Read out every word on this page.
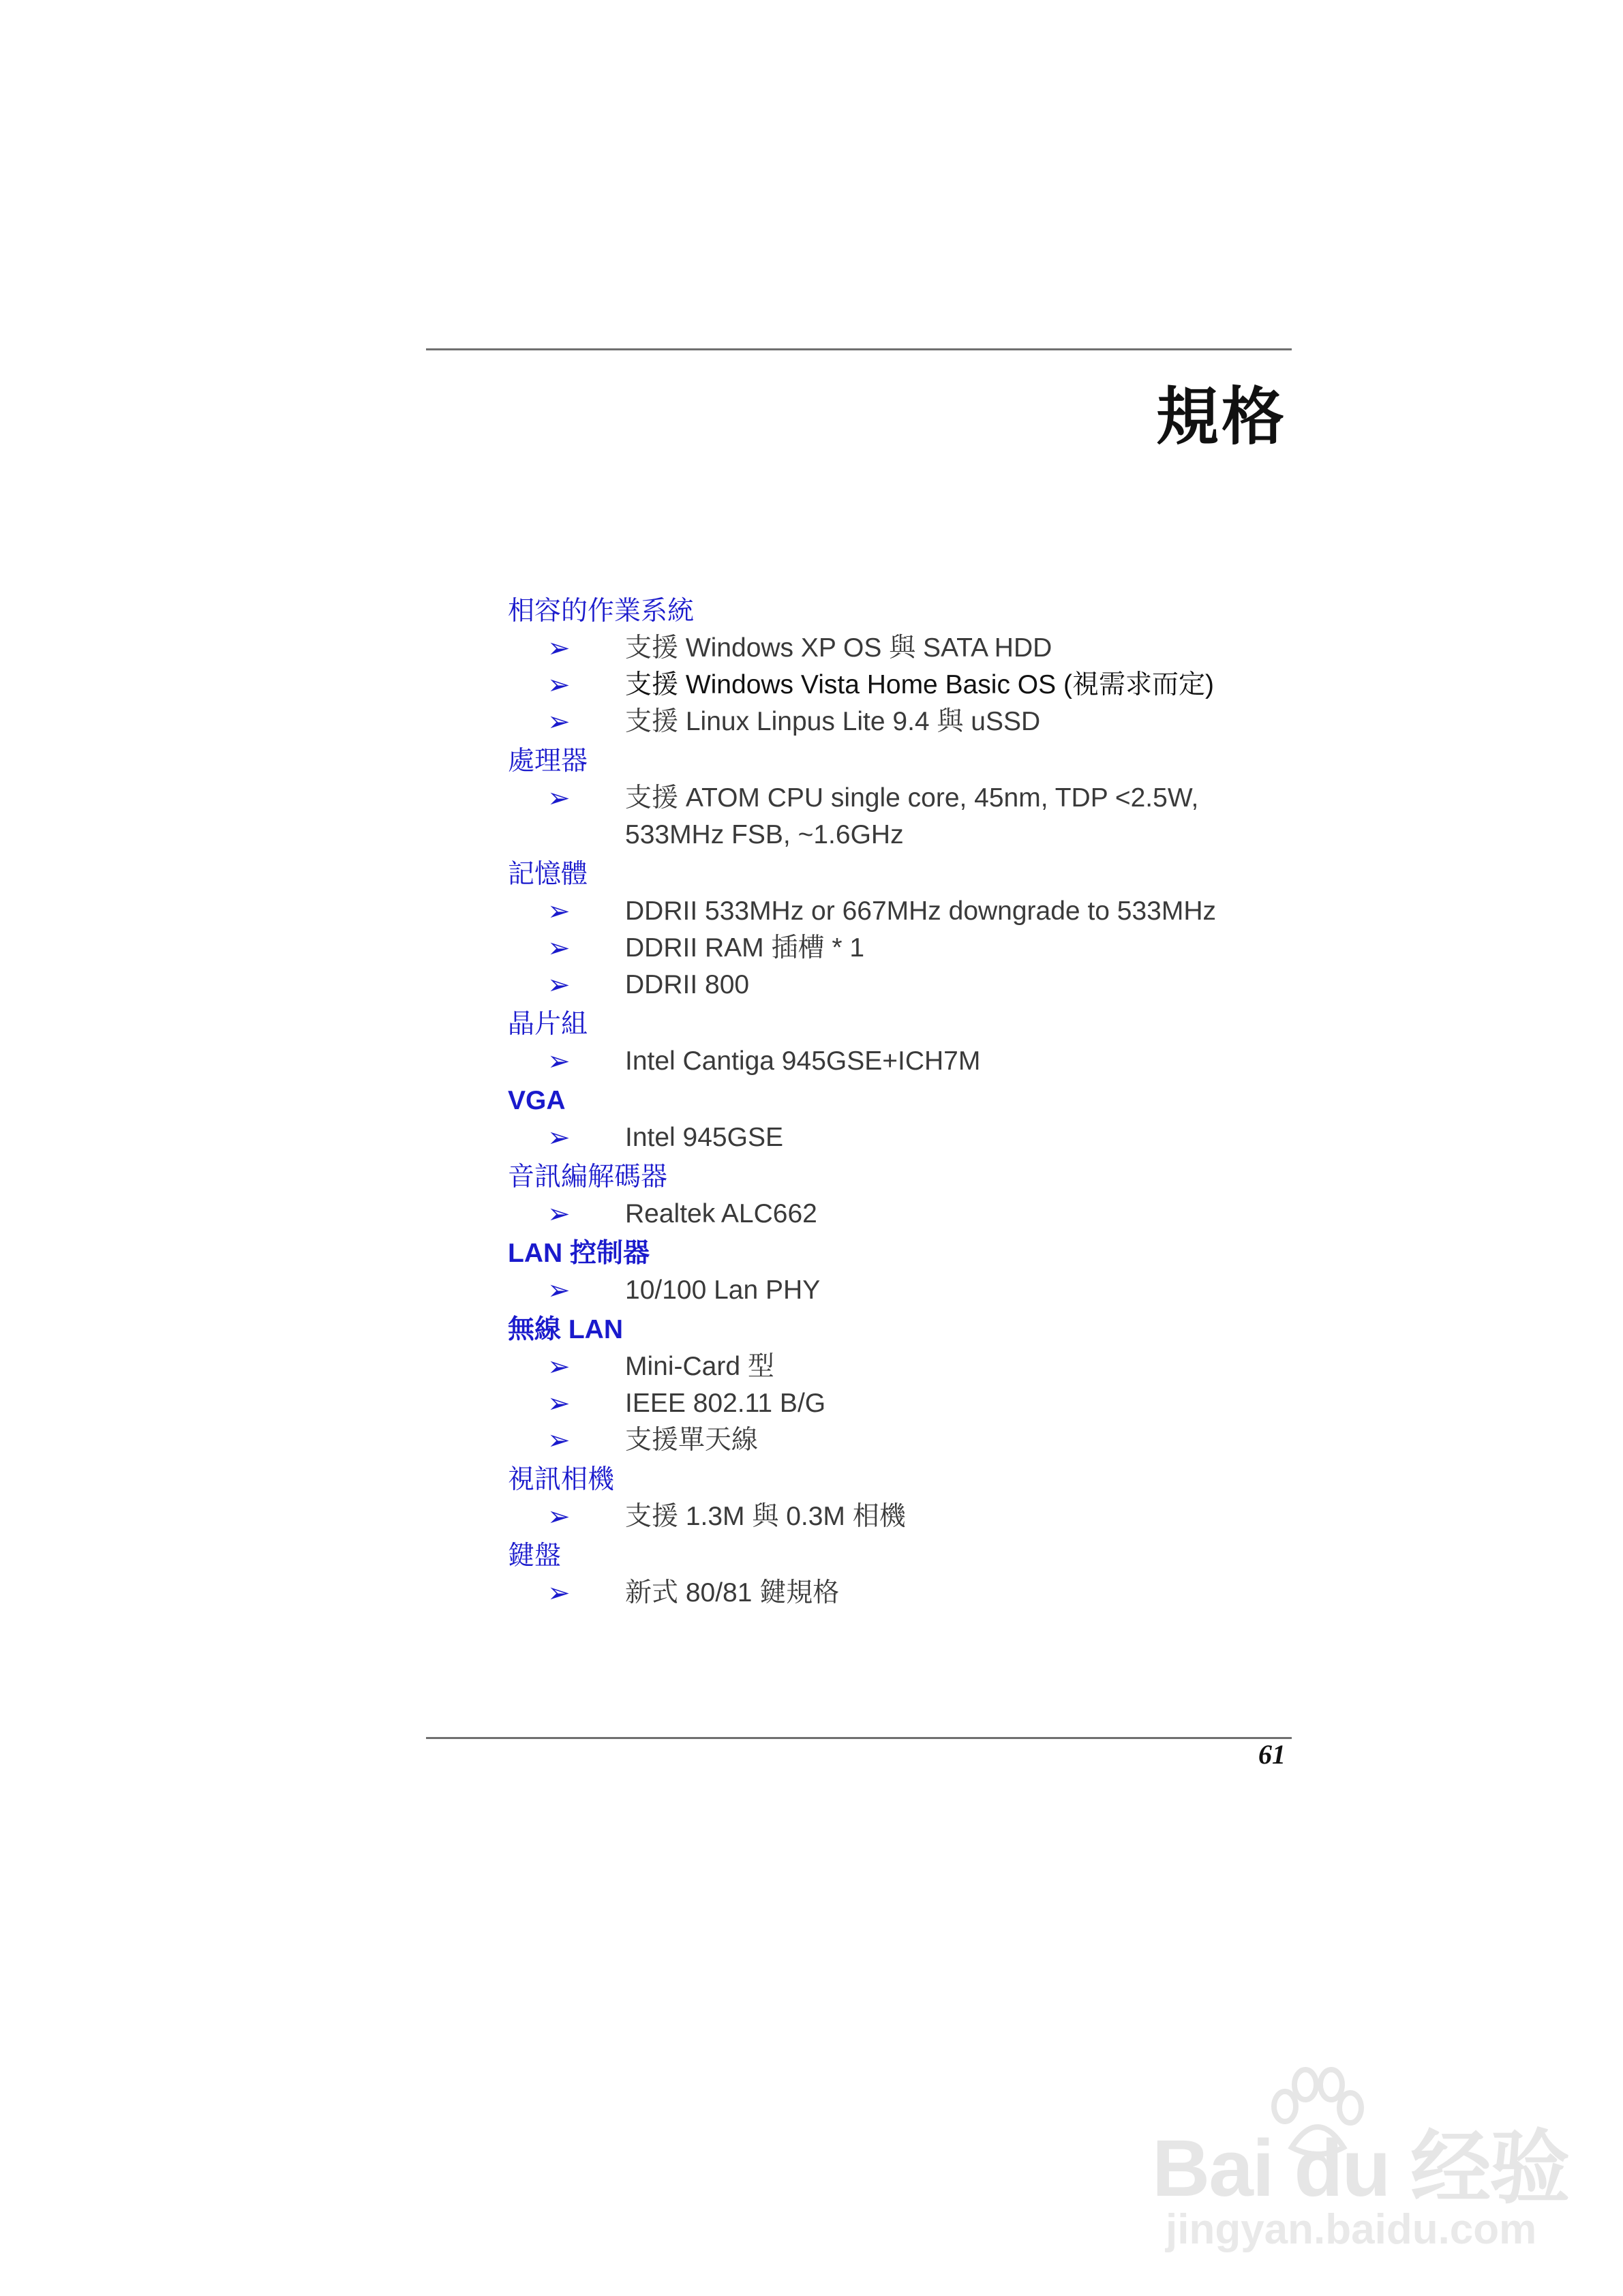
規格
相容的作業系統
➢ 支援 Windows XP OS 與 SATA HDD
➢ 支援 Windows Vista Home Basic OS (視需求而定)
➢ 支援 Linux Linpus Lite 9.4 與 uSSD
處理器
➢ 支援 ATOM CPU single core, 45nm, TDP <2.5W, 533MHz FSB, ~1.6GHz
記憶體
➢ DDRII 533MHz or 667MHz downgrade to 533MHz
➢ DDRII RAM 插槽 * 1
➢ DDRII 800
晶片組
➢ Intel Cantiga 945GSE+ICH7M
VGA
➢ Intel 945GSE
音訊編解碼器
➢ Realtek ALC662
LAN 控制器
➢ 10/100 Lan PHY
無線 LAN
➢ Mini-Card 型
➢ IEEE 802.11 B/G
➢ 支援單天線
視訊相機
➢ 支援 1.3M 與 0.3M 相機
鍵盤
➢ 新式 80/81 鍵規格
61
Bai du 经验
jingyan.baidu.com
